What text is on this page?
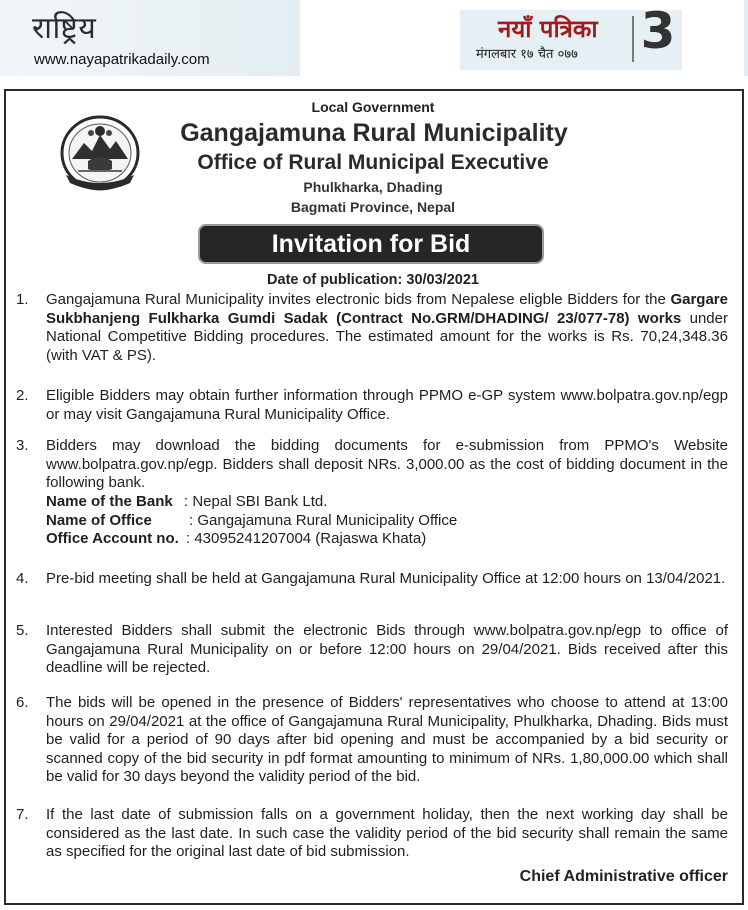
राष्ट्रिय
www.nayapatrikadaily.com
नयाँ पत्रिका
मंगलबार १७ चैत ०७७ 3
Local Government
Gangajamuna Rural Municipality
Office of Rural Municipal Executive
Phulkharka, Dhading
Bagmati Province, Nepal
Invitation for Bid
Date of publication: 30/03/2021
1. Gangajamuna Rural Municipality invites electronic bids from Nepalese eligble Bidders for the Gargare Sukbhanjeng Fulkharka Gumdi Sadak (Contract No.GRM/DHADING/ 23/077-78) works under National Competitive Bidding procedures. The estimated amount for the works is Rs. 70,24,348.36 (with VAT & PS).
2. Eligible Bidders may obtain further information through PPMO e-GP system www.bolpatra.gov.np/egp or may visit Gangajamuna Rural Municipality Office.
3. Bidders may download the bidding documents for e-submission from PPMO's Website www.bolpatra.gov.np/egp. Bidders shall deposit NRs. 3,000.00 as the cost of bidding document in the following bank.
Name of the Bank : Nepal SBI Bank Ltd.
Name of Office : Gangajamuna Rural Municipality Office
Office Account no. : 43095241207004 (Rajaswa Khata)
4. Pre-bid meeting shall be held at Gangajamuna Rural Municipality Office at 12:00 hours on 13/04/2021.
5. Interested Bidders shall submit the electronic Bids through www.bolpatra.gov.np/egp to office of Gangajamuna Rural Municipality on or before 12:00 hours on 29/04/2021. Bids received after this deadline will be rejected.
6. The bids will be opened in the presence of Bidders' representatives who choose to attend at 13:00 hours on 29/04/2021 at the office of Gangajamuna Rural Municipality, Phulkharka, Dhading. Bids must be valid for a period of 90 days after bid opening and must be accompanied by a bid security or scanned copy of the bid security in pdf format amounting to minimum of NRs. 1,80,000.00 which shall be valid for 30 days beyond the validity period of the bid.
7. If the last date of submission falls on a government holiday, then the next working day shall be considered as the last date. In such case the validity period of the bid security shall remain the same as specified for the original last date of bid submission.
Chief Administrative officer
